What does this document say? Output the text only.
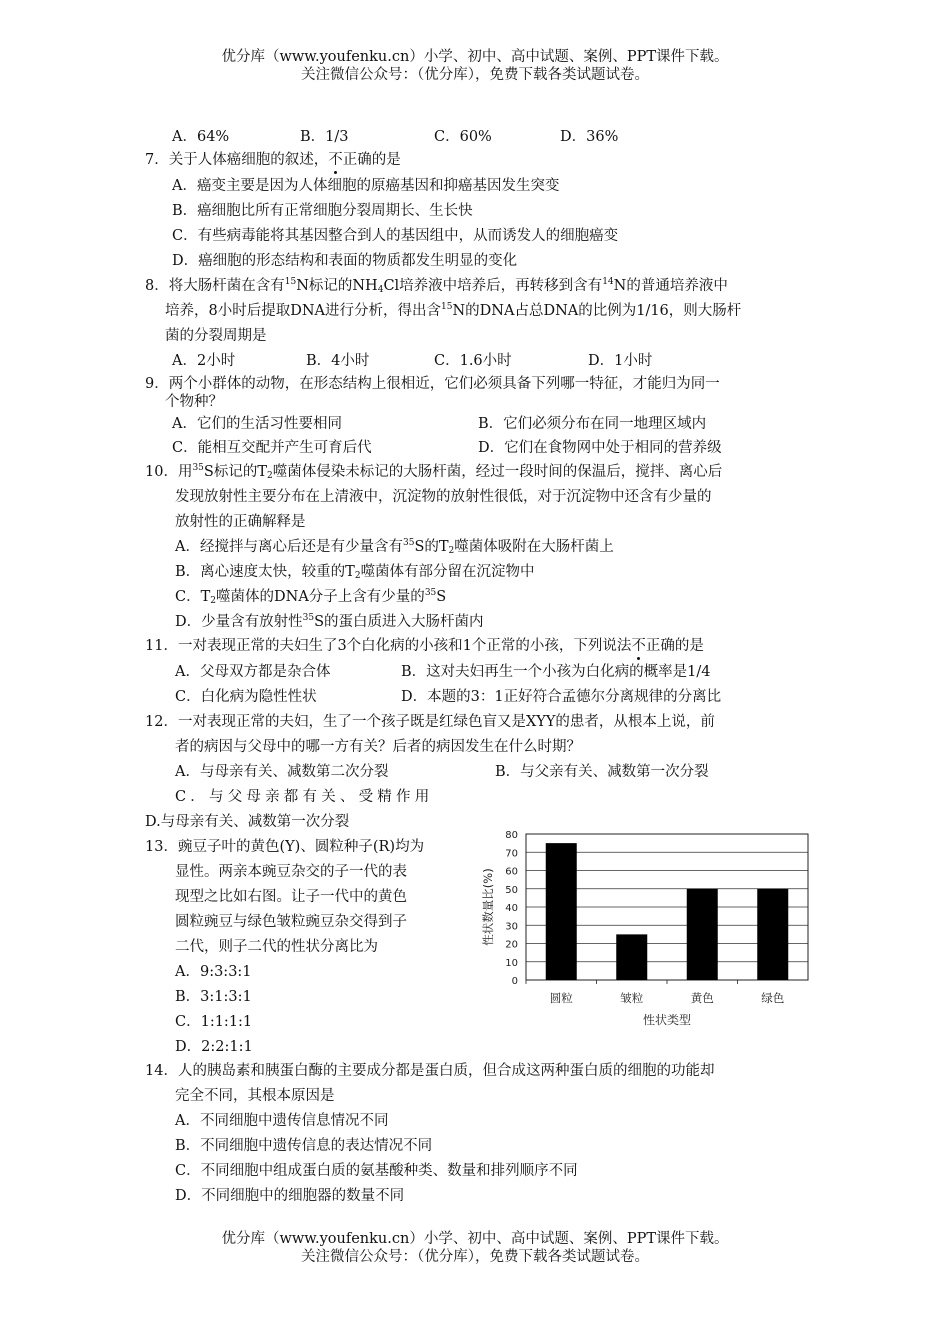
优分库（www.youfenku.cn）小学、初中、高中试题、案例、PPT课件下载。
关注微信公众号：（优分库），免费下载各类试题试卷。
A．64%	B．1/3	C．60%	D．36%
7．关于人体癌细胞的叙述，不正确的是
A．癌变主要是因为人体细胞的原癌基因和抑癌基因发生突变
B．癌细胞比所有正常细胞分裂周期长、生长快
C．有些病毒能将其基因整合到人的基因组中，从而诱发人的细胞癌变
D．癌细胞的形态结构和表面的物质都发生明显的变化
8．将大肠杆菌在含有$^{15}$N标记的$NH_4Cl$培养液中培养后，再转移到含有$^{14}$N的普通培养液中
培养，8小时后提取DNA进行分析，得出含$^{15}$N的DNA占总DNA的比例为1/16，则大肠杆
菌的分裂周期是
A．2小时	B．4小时	C．1.6小时	D．1小时
9．两个小群体的动物，在形态结构上很相近，它们必须具备下列哪一特征，才能归为同一
个物种？
A．它们的生活习性要相同	B．它们必须分布在同一地理区域内
C．能相互交配并产生可育后代	D．它们在食物网中处于相同的营养级
10．用$^{35}$S标记的$T_2$噬菌体侵染未标记的大肠杆菌，经过一段时间的保温后，搅拌、离心后
发现放射性主要分布在上清液中，沉淀物的放射性很低，对于沉淀物中还含有少量的
放射性的正确解释是
A．经搅拌与离心后还是有少量含有$^{35}$S的$T_2$噬菌体吸附在大肠杆菌上
B．离心速度太快，较重的$T_2$噬菌体有部分留在沉淀物中
C．$T_2$噬菌体的DNA分子上含有少量的$^{35}$S
D．少量含有放射性$^{35}$S的蛋白质进入大肠杆菌内
11．一对表现正常的夫妇生了3个白化病的小孩和1个正常的小孩，下列说法不正确的是
A．父母双方都是杂合体	B．这对夫妇再生一个小孩为白化病的概率是1/4
C．白化病为隐性性状	D．本题的3：1正好符合孟德尔分离规律的分离比
12．一对表现正常的夫妇，生了一个孩子既是红绿色盲又是XYY的患者，从根本上说，前
者的病因与父母中的哪一方有关？后者的病因发生在什么时期？
A．与母亲有关、减数第二次分裂	B．与父亲有关、减数第一次分裂
C．与父母亲都有关、受精作用
D.与母亲有关、减数第一次分裂
13．豌豆子叶的黄色(Y)、圆粒种子(R)均为
显性。两亲本豌豆杂交的子一代的表
现型之比如右图。让子一代中的黄色
圆粒豌豆与绿色皱粒豌豆杂交得到子
二代，则子二代的性状分离比为
A．9:3:3:1
B．3:1:3:1
C．1:1:1:1
D．2:2:1:1
0
10
20
30
40
50
60
70
80
圆粒	皱粒	黄色	绿色
性状类型
性状数量比(%)
14．人的胰岛素和胰蛋白酶的主要成分都是蛋白质，但合成这两种蛋白质的细胞的功能却
完全不同，其根本原因是
A．不同细胞中遗传信息情况不同
B．不同细胞中遗传信息的表达情况不同
C．不同细胞中组成蛋白质的氨基酸种类、数量和排列顺序不同
D．不同细胞中的细胞器的数量不同
优分库（www.youfenku.cn）小学、初中、高中试题、案例、PPT课件下载。
关注微信公众号：（优分库），免费下载各类试题试卷。
